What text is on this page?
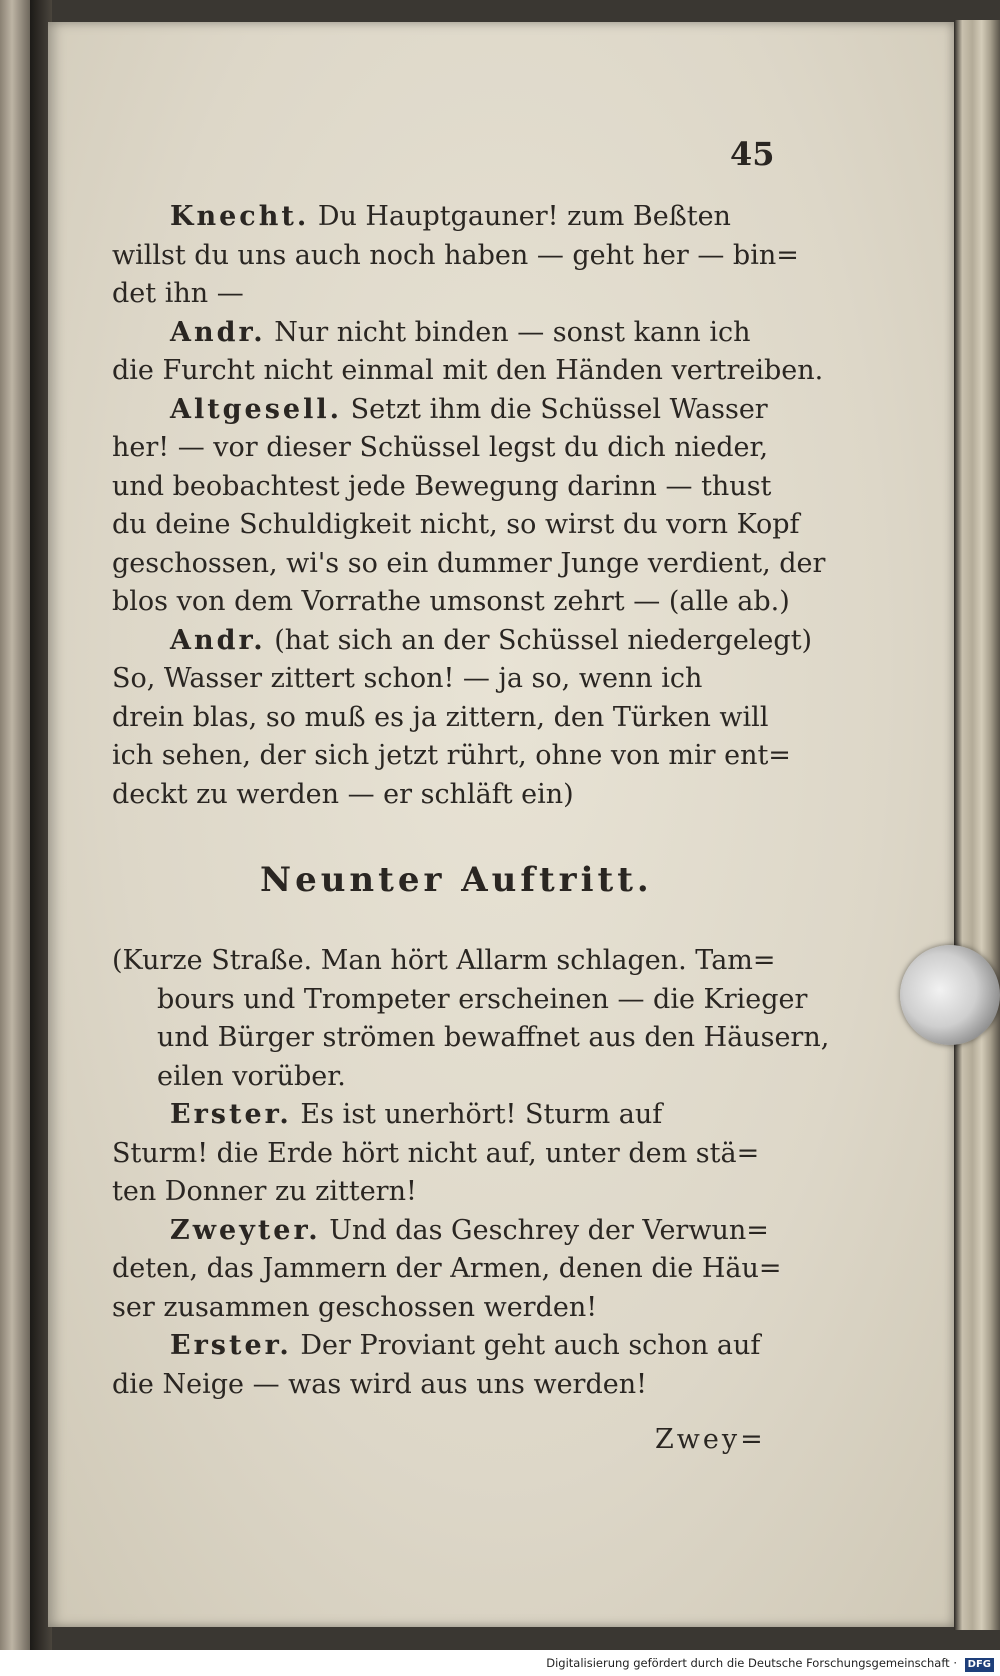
45
Knecht. Du Hauptgauner! zum Beßten
willst du uns auch noch haben — geht her — bin=
det ihn —
Andr. Nur nicht binden — sonst kann ich
die Furcht nicht einmal mit den Händen vertreiben.
Altgesell. Setzt ihm die Schüssel Wasser
her! — vor dieser Schüssel legst du dich nieder,
und beobachtest jede Bewegung darinn — thust
du deine Schuldigkeit nicht, so wirst du vorn Kopf
geschossen, wi's so ein dummer Junge verdient, der
blos von dem Vorrathe umsonst zehrt — (alle ab.)
Andr. (hat sich an der Schüssel niedergelegt)
So, Wasser zittert schon! — ja so, wenn ich
drein blas, so muß es ja zittern, den Türken will
ich sehen, der sich jetzt rührt, ohne von mir ent=
deckt zu werden — er schläft ein)
Neunter Auftritt.
(Kurze Straße. Man hört Allarm schlagen. Tam=
bours und Trompeter erscheinen — die Krieger
und Bürger strömen bewaffnet aus den Häusern,
eilen vorüber.
Erster. Es ist unerhört! Sturm auf
Sturm! die Erde hört nicht auf, unter dem stä=
ten Donner zu zittern!
Zweyter. Und das Geschrey der Verwun=
deten, das Jammern der Armen, denen die Häu=
ser zusammen geschossen werden!
Erster. Der Proviant geht auch schon auf
die Neige — was wird aus uns werden!
Zwey=
Digitalisierung gefördert durch die Deutsche Forschungsgemeinschaft · DFG
